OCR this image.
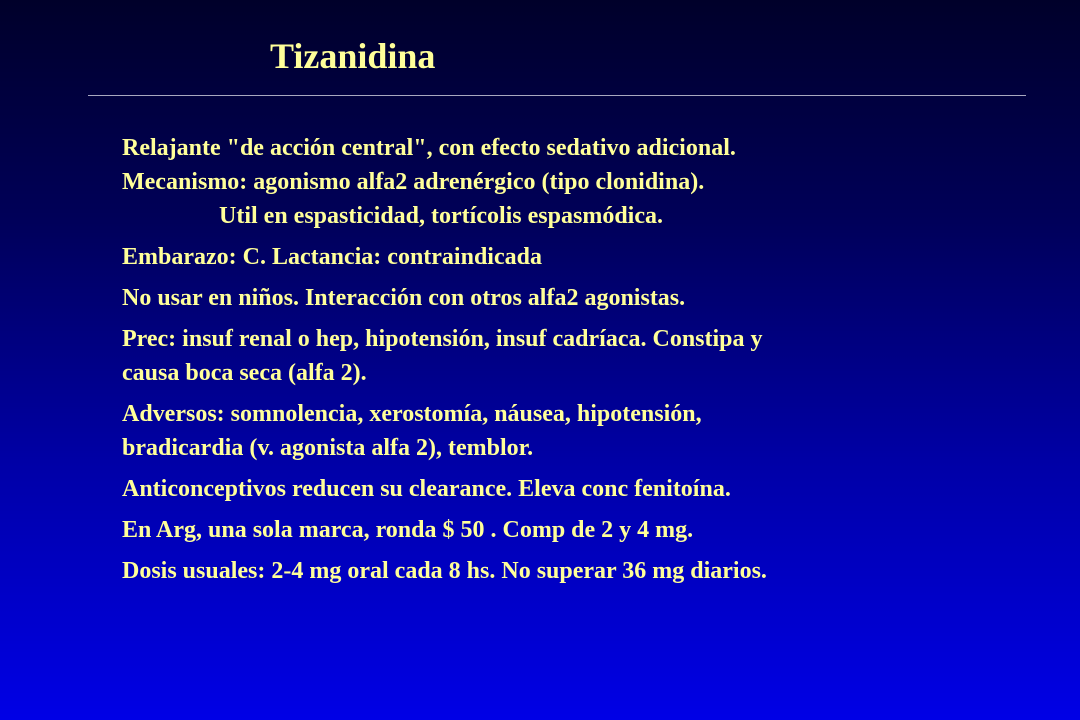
Tizanidina

Relajante "de acción central", con efecto sedativo adicional.
Mecanismo: agonismo alfa2 adrenérgico (tipo clonidina).
Util en espasticidad, tortícolis espasmódica.

Embarazo: C. Lactancia: contraindicada

No usar en niños. Interacción con otros alfa2 agonistas.

Prec: insuf renal o hep, hipotensión, insuf cadríaca. Constipa y
causa boca seca (alfa 2).

Adversos: somnolencia, xerostomía, náusea, hipotensión,
bradicardia (v. agonista alfa 2), temblor.

Anticonceptivos reducen su clearance. Eleva conc fenitoína.

En Arg, una sola marca, ronda $ 50 . Comp de 2 y 4 mg.

Dosis usuales: 2-4 mg oral cada 8 hs. No superar 36 mg diarios.
